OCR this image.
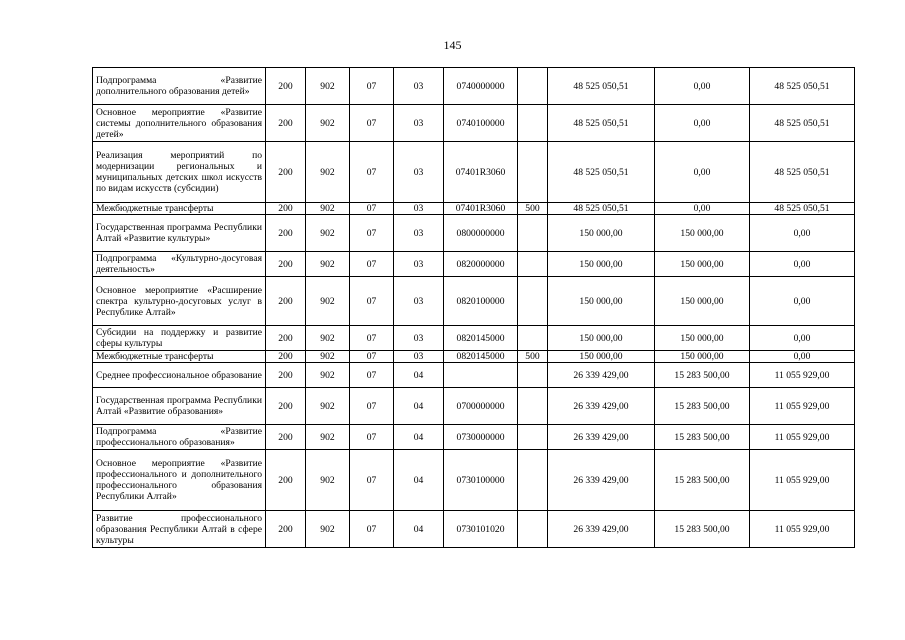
145
Подпрограмма «Развитие дополнительного образования детей»	200	902	07	03	0740000000		48 525 050,51	0,00	48 525 050,51
Основное мероприятие «Развитие системы дополнительного образования детей»	200	902	07	03	0740100000		48 525 050,51	0,00	48 525 050,51
Реализация мероприятий по модернизации региональных и муниципальных детских школ искусств по видам искусств (субсидии)	200	902	07	03	07401R3060		48 525 050,51	0,00	48 525 050,51
Межбюджетные трансферты	200	902	07	03	07401R3060	500	48 525 050,51	0,00	48 525 050,51
Государственная программа Республики Алтай «Развитие культуры»	200	902	07	03	0800000000		150 000,00	150 000,00	0,00
Подпрограмма «Культурно-досуговая деятельность»	200	902	07	03	0820000000		150 000,00	150 000,00	0,00
Основное мероприятие «Расширение спектра культурно-досуговых услуг в Республике Алтай»	200	902	07	03	0820100000		150 000,00	150 000,00	0,00
Субсидии на поддержку и развитие сферы культуры	200	902	07	03	0820145000		150 000,00	150 000,00	0,00
Межбюджетные трансферты	200	902	07	03	0820145000	500	150 000,00	150 000,00	0,00
Среднее профессиональное образование	200	902	07	04			26 339 429,00	15 283 500,00	11 055 929,00
Государственная программа Республики Алтай «Развитие образования»	200	902	07	04	0700000000		26 339 429,00	15 283 500,00	11 055 929,00
Подпрограмма «Развитие профессионального образования»	200	902	07	04	0730000000		26 339 429,00	15 283 500,00	11 055 929,00
Основное мероприятие «Развитие профессионального и дополнительного профессионального образования Республики Алтай»	200	902	07	04	0730100000		26 339 429,00	15 283 500,00	11 055 929,00
Развитие профессионального образования Республики Алтай в сфере культуры	200	902	07	04	0730101020		26 339 429,00	15 283 500,00	11 055 929,00
